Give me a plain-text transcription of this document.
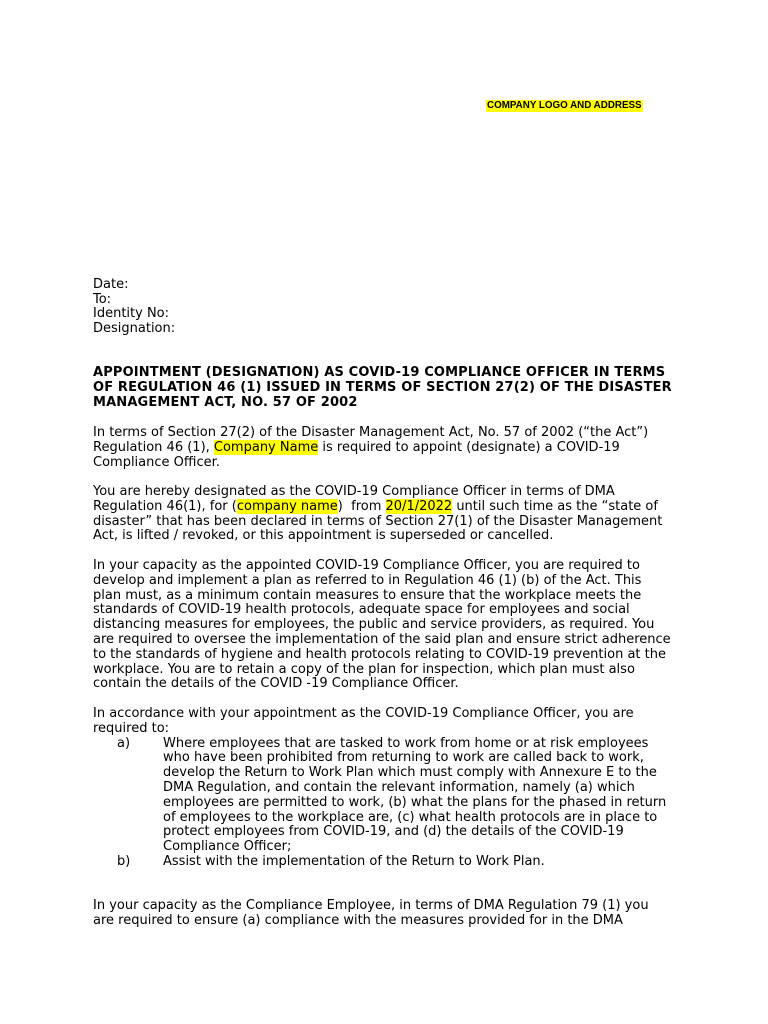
COMPANY LOGO AND ADDRESS
Date:
To:
Identity No:
Designation:
APPOINTMENT (DESIGNATION) AS COVID-19 COMPLIANCE OFFICER IN TERMS
OF REGULATION 46 (1) ISSUED IN TERMS OF SECTION 27(2) OF THE DISASTER
MANAGEMENT ACT, NO. 57 OF 2002
In terms of Section 27(2) of the Disaster Management Act, No. 57 of 2002 (“the Act”)
Regulation 46 (1), Company Name is required to appoint (designate) a COVID-19
Compliance Officer.
You are hereby designated as the COVID-19 Compliance Officer in terms of DMA
Regulation 46(1), for (company name)  from 20/1/2022 until such time as the “state of
disaster” that has been declared in terms of Section 27(1) of the Disaster Management
Act, is lifted / revoked, or this appointment is superseded or cancelled.
In your capacity as the appointed COVID-19 Compliance Officer, you are required to
develop and implement a plan as referred to in Regulation 46 (1) (b) of the Act. This
plan must, as a minimum contain measures to ensure that the workplace meets the
standards of COVID-19 health protocols, adequate space for employees and social
distancing measures for employees, the public and service providers, as required. You
are required to oversee the implementation of the said plan and ensure strict adherence
to the standards of hygiene and health protocols relating to COVID-19 prevention at the
workplace. You are to retain a copy of the plan for inspection, which plan must also
contain the details of the COVID -19 Compliance Officer.
In accordance with your appointment as the COVID-19 Compliance Officer, you are
required to:
a)	Where employees that are tasked to work from home or at risk employees
who have been prohibited from returning to work are called back to work,
develop the Return to Work Plan which must comply with Annexure E to the
DMA Regulation, and contain the relevant information, namely (a) which
employees are permitted to work, (b) what the plans for the phased in return
of employees to the workplace are, (c) what health protocols are in place to
protect employees from COVID-19, and (d) the details of the COVID-19
Compliance Officer;
b)	Assist with the implementation of the Return to Work Plan.
In your capacity as the Compliance Employee, in terms of DMA Regulation 79 (1) you
are required to ensure (a) compliance with the measures provided for in the DMA
